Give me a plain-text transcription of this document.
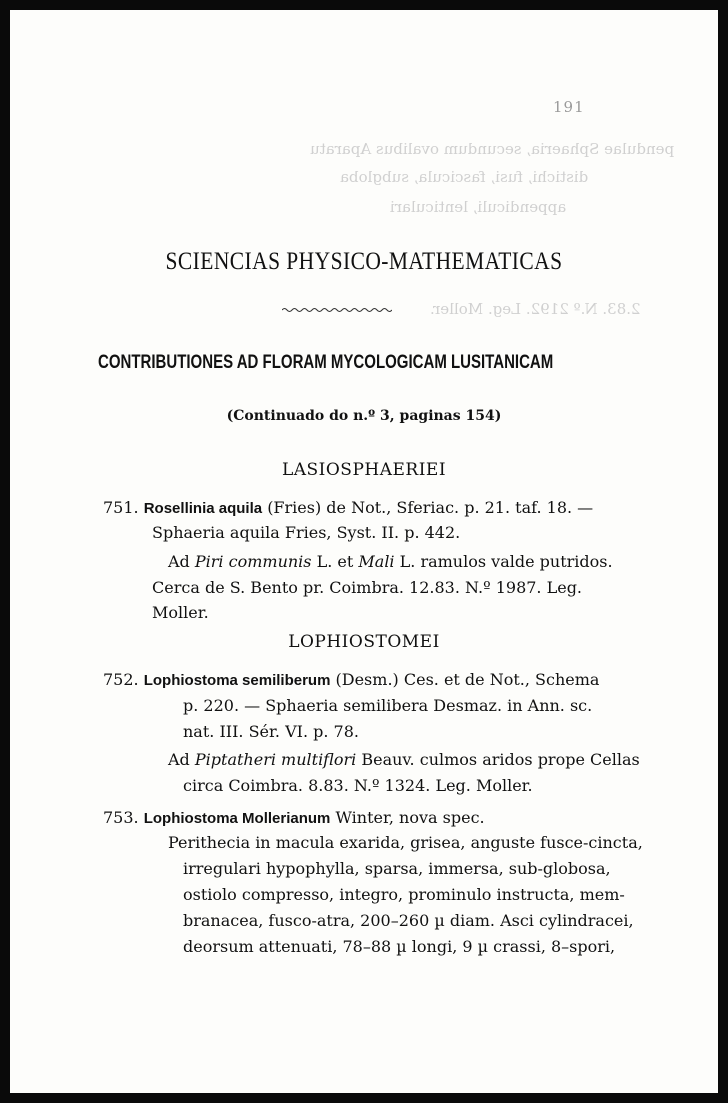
pendulae Sphaeria, secundum ovalibus Aparatu
distichi, fusi, fascicula, subgloba
appendiculi, lenticulari
2.83. N.º 2192. Leg. Moller.
191
SCIENCIAS PHYSICO-MATHEMATICAS
CONTRIBUTIONES AD FLORAM MYCOLOGICAM LUSITANICAM
(Continuado do n.º 3, paginas 154)
LASIOSPHAERIEI
751. Rosellinia aquila (Fries) de Not., Sferiac. p. 21. taf. 18. —
Sphaeria aquila Fries, Syst. II. p. 442.
Ad Piri communis L. et Mali L. ramulos valde putridos.
Cerca de S. Bento pr. Coimbra. 12.83. N.º 1987. Leg.
Moller.
LOPHIOSTOMEI
752. Lophiostoma semiliberum (Desm.) Ces. et de Not., Schema
p. 220. — Sphaeria semilibera Desmaz. in Ann. sc.
nat. III. Sér. VI. p. 78.
Ad Piptatheri multiflori Beauv. culmos aridos prope Cellas
circa Coimbra. 8.83. N.º 1324. Leg. Moller.
753. Lophiostoma Mollerianum Winter, nova spec.
Perithecia in macula exarida, grisea, anguste fusce-cincta,
irregulari hypophylla, sparsa, immersa, sub-globosa,
ostiolo compresso, integro, prominulo instructa, mem-
branacea, fusco-atra, 200–260 µ diam. Asci cylindracei,
deorsum attenuati, 78–88 µ longi, 9 µ crassi, 8–spori,
